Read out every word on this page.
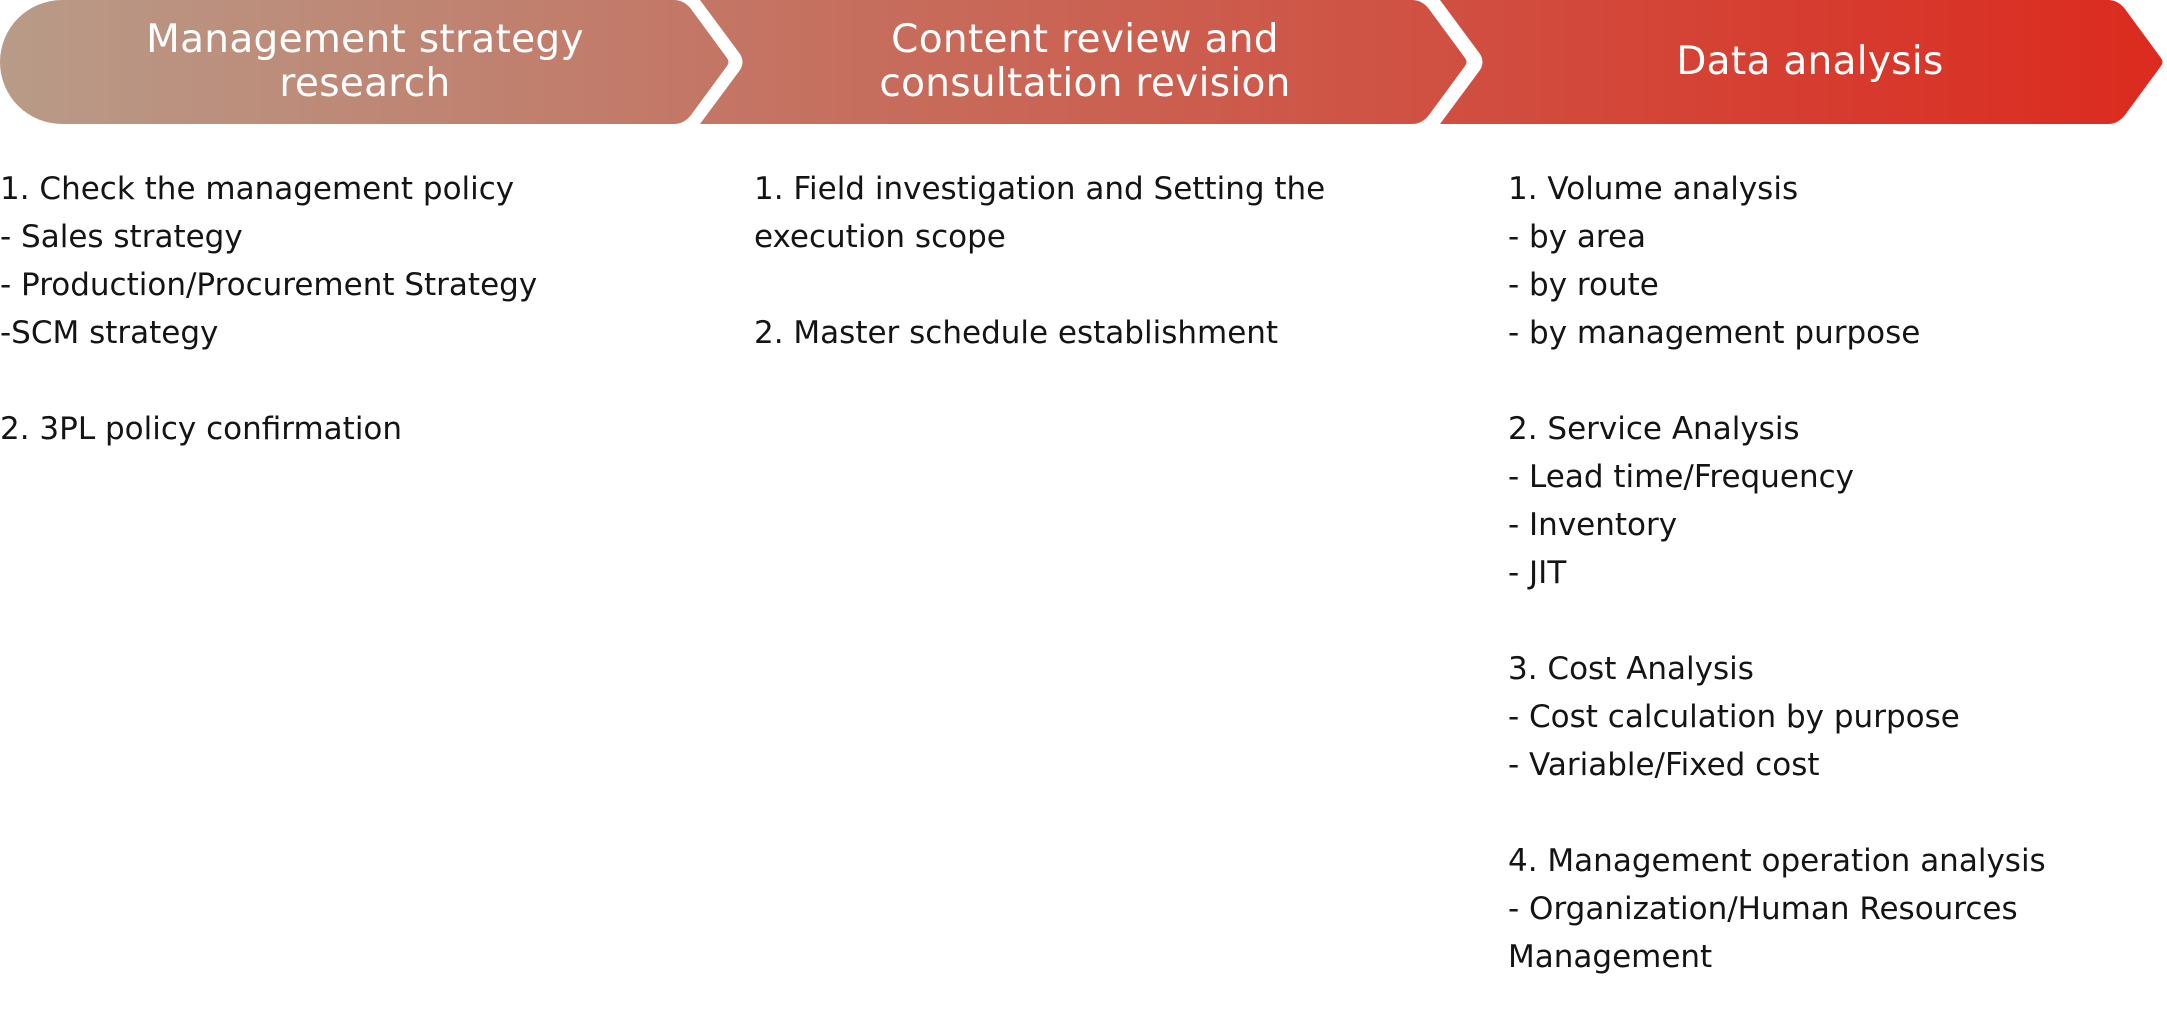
Management strategy
research
Content review and
consultation revision	Data analysis
1. Check the management policy
- Sales strategy
- Production/Procurement Strategy
-SCM strategy
2. 3PL policy confirmation
1. Field investigation and Setting the execution scope
2. Master schedule establishment
1. Volume analysis
- by area
- by route
- by management purpose
2. Service Analysis
- Lead time/Frequency
- Inventory
- JIT
3. Cost Analysis
- Cost calculation by purpose
- Variable/Fixed cost
4. Management operation analysis
- Organization/Human Resources Management
